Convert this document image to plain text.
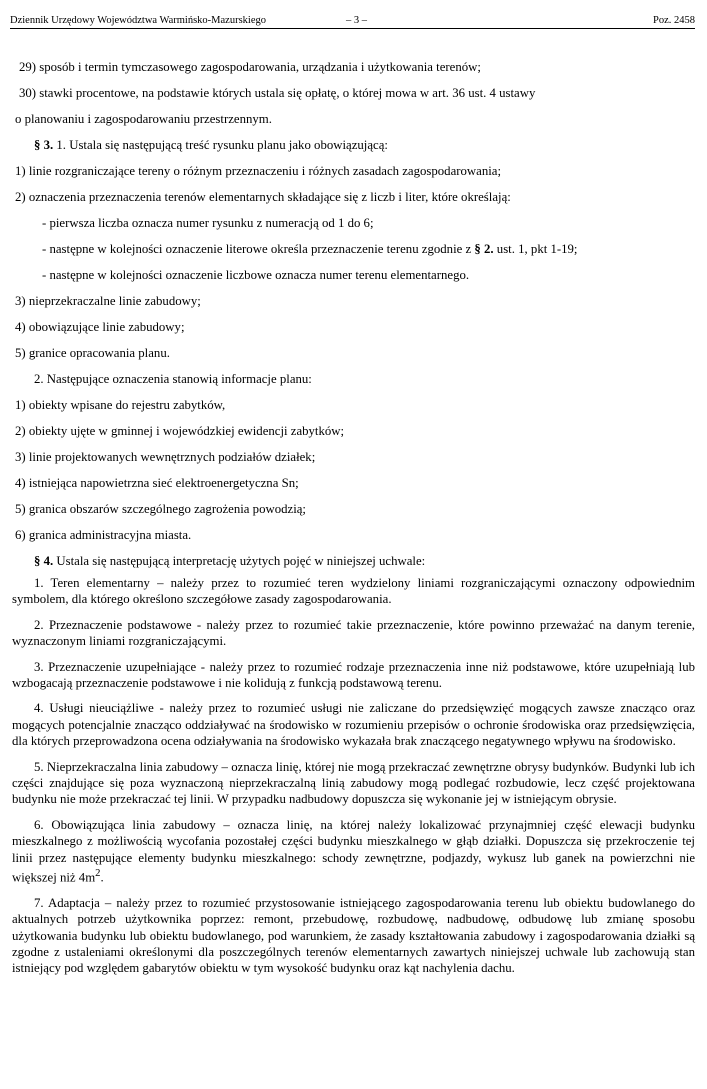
Dziennik Urzędowy Województwa Warmińsko-Mazurskiego	– 3 –	Poz. 2458
29) sposób i termin tymczasowego zagospodarowania, urządzania i użytkowania terenów;
30) stawki procentowe, na podstawie których ustala się opłatę, o której mowa w art. 36 ust. 4 ustawy
o planowaniu i zagospodarowaniu przestrzennym.
§ 3. 1. Ustala się następującą treść rysunku planu jako obowiązującą:
1) linie rozgraniczające tereny o różnym przeznaczeniu i różnych zasadach zagospodarowania;
2) oznaczenia przeznaczenia terenów elementarnych składające się z liczb i liter, które określają:
- pierwsza liczba oznacza numer rysunku z numeracją od 1 do 6;
- następne w kolejności oznaczenie literowe określa przeznaczenie terenu zgodnie z § 2. ust. 1, pkt 1-19;
- następne w kolejności oznaczenie liczbowe oznacza numer terenu elementarnego.
3) nieprzekraczalne linie zabudowy;
4) obowiązujące linie zabudowy;
5) granice opracowania planu.
2. Następujące oznaczenia stanowią informacje planu:
1) obiekty wpisane do rejestru zabytków,
2) obiekty ujęte w gminnej i wojewódzkiej ewidencji zabytków;
3) linie projektowanych wewnętrznych podziałów działek;
4) istniejąca napowietrzna sieć elektroenergetyczna Sn;
5) granica obszarów szczególnego zagrożenia powodzią;
6) granica administracyjna miasta.
§ 4. Ustala się następującą interpretację użytych pojęć w niniejszej uchwale:

1. Teren elementarny – należy przez to rozumieć teren wydzielony liniami rozgraniczającymi oznaczony odpowiednim symbolem, dla którego określono szczegółowe zasady zagospodarowania.

2. Przeznaczenie podstawowe - należy przez to rozumieć takie przeznaczenie, które powinno przeważać na danym terenie, wyznaczonym liniami rozgraniczającymi.

3. Przeznaczenie uzupełniające - należy przez to rozumieć rodzaje przeznaczenia inne niż podstawowe, które uzupełniają lub wzbogacają przeznaczenie podstawowe i nie kolidują z funkcją podstawową terenu.

4. Usługi nieuciążliwe - należy przez to rozumieć usługi nie zaliczane do przedsięwzięć mogących zawsze znacząco oraz mogących potencjalnie znacząco oddziaływać na środowisko w rozumieniu przepisów o ochronie środowiska oraz przedsięwzięcia, dla których przeprowadzona ocena odziaływania na środowisko wykazała brak znaczącego negatywnego wpływu na środowisko.

5. Nieprzekraczalna linia zabudowy – oznacza linię, której nie mogą przekraczać zewnętrzne obrysy budynków. Budynki lub ich części znajdujące się poza wyznaczoną nieprzekraczalną linią zabudowy mogą podlegać rozbudowie, lecz część projektowana budynku nie może przekraczać tej linii. W przypadku nadbudowy dopuszcza się wykonanie jej w istniejącym obrysie.

6. Obowiązująca linia zabudowy – oznacza linię, na której należy lokalizować przynajmniej część elewacji budynku mieszkalnego z możliwością wycofania pozostałej części budynku mieszkalnego w głąb działki. Dopuszcza się przekroczenie tej linii przez następujące elementy budynku mieszkalnego: schody zewnętrzne, podjazdy, wykusz lub ganek na powierzchni nie większej niż $4m^2$.

7. Adaptacja – należy przez to rozumieć przystosowanie istniejącego zagospodarowania terenu lub obiektu budowlanego do aktualnych potrzeb użytkownika poprzez: remont, przebudowę, rozbudowę, nadbudowę, odbudowę lub zmianę sposobu użytkowania budynku lub obiektu budowlanego, pod warunkiem, że zasady kształtowania zabudowy i zagospodarowania działki są zgodne z ustaleniami określonymi dla poszczególnych terenów elementarnych zawartych niniejszej uchwale lub zachowują stan istniejący pod względem gabarytów obiektu w tym wysokość budynku oraz kąt nachylenia dachu.
